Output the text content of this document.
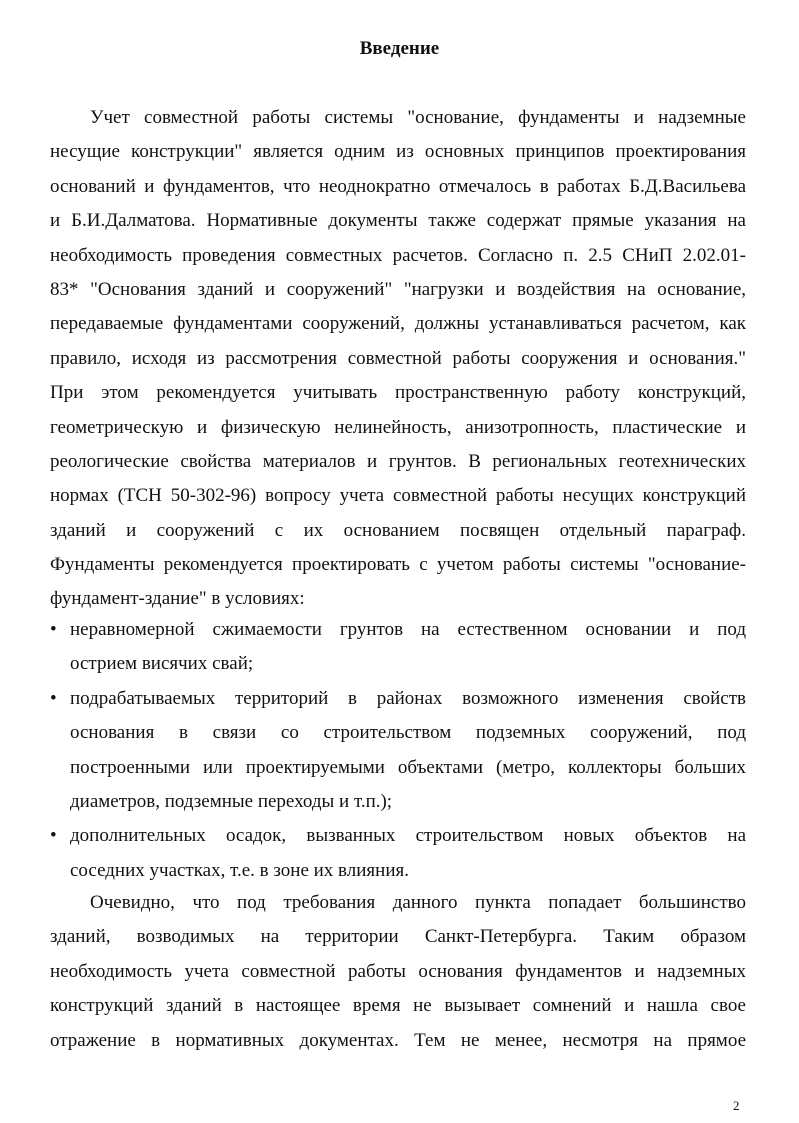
Введение
Учет совместной работы системы "основание, фундаменты и надземные
несущие конструкции" является одним из основных принципов проектирования
оснований и фундаментов, что неоднократно отмечалось в работах Б.Д.Васильева
и Б.И.Далматова. Нормативные документы также содержат прямые указания на
необходимость проведения совместных расчетов. Согласно п. 2.5 СНиП 2.02.01-
83* "Основания зданий и сооружений" "нагрузки и воздействия на основание,
передаваемые фундаментами сооружений, должны устанавливаться расчетом, как
правило, исходя из рассмотрения совместной работы сооружения и основания."
При этом рекомендуется учитывать пространственную работу конструкций,
геометрическую и физическую нелинейность, анизотропность, пластические и
реологические свойства материалов и грунтов. В региональных геотехнических
нормах (ТСН 50-302-96) вопросу учета совместной работы несущих конструкций
зданий и сооружений с их основанием посвящен отдельный параграф.
Фундаменты рекомендуется проектировать с учетом работы системы "основание-
фундамент-здание" в условиях:
• неравномерной сжимаемости грунтов на естественном основании и под
острием висячих свай;
• подрабатываемых территорий в районах возможного изменения свойств
основания в связи со строительством подземных сооружений, под
построенными или проектируемыми объектами (метро, коллекторы больших
диаметров, подземные переходы и т.п.);
• дополнительных осадок, вызванных строительством новых объектов на
соседних участках, т.е. в зоне их влияния.
Очевидно, что под требования данного пункта попадает большинство
зданий, возводимых на территории Санкт-Петербурга. Таким образом
необходимость учета совместной работы основания фундаментов и надземных
конструкций зданий в настоящее время не вызывает сомнений и нашла свое
отражение в нормативных документах. Тем не менее, несмотря на прямое
2
